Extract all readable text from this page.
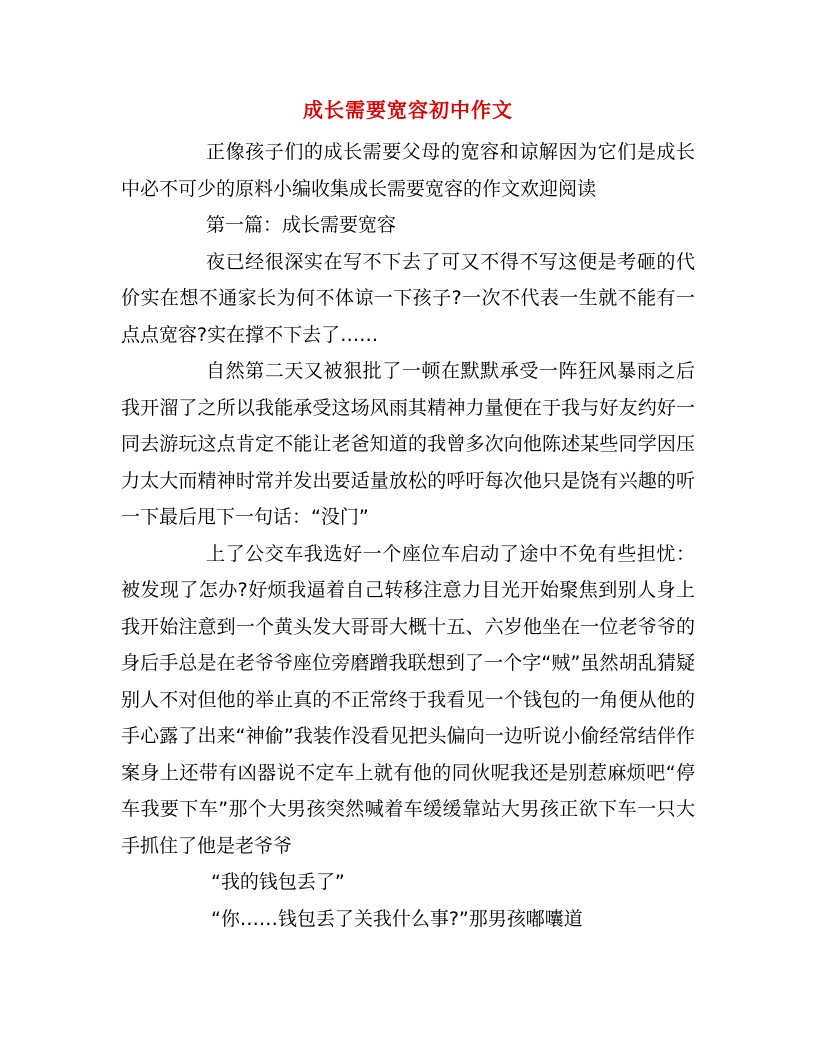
成长需要宽容初中作文

正像孩子们的成长需要父母的宽容和谅解因为它们是成长中必不可少的原料小编收集成长需要宽容的作文欢迎阅读

第一篇：成长需要宽容

夜已经很深实在写不下去了可又不得不写这便是考砸的代价实在想不通家长为何不体谅一下孩子?一次不代表一生就不能有一点点宽容?实在撑不下去了……

自然第二天又被狠批了一顿在默默承受一阵狂风暴雨之后我开溜了之所以我能承受这场风雨其精神力量便在于我与好友约好一同去游玩这点肯定不能让老爸知道的我曾多次向他陈述某些同学因压力太大而精神时常并发出要适量放松的呼吁每次他只是饶有兴趣的听一下最后甩下一句话：“没门”

上了公交车我选好一个座位车启动了途中不免有些担忧：被发现了怎办?好烦我逼着自己转移注意力目光开始聚焦到别人身上我开始注意到一个黄头发大哥哥大概十五、六岁他坐在一位老爷爷的身后手总是在老爷爷座位旁磨蹭我联想到了一个字“贼”虽然胡乱猜疑别人不对但他的举止真的不正常终于我看见一个钱包的一角便从他的手心露了出来“神偷”我装作没看见把头偏向一边听说小偷经常结伴作案身上还带有凶器说不定车上就有他的同伙呢我还是别惹麻烦吧“停车我要下车”那个大男孩突然喊着车缓缓靠站大男孩正欲下车一只大手抓住了他是老爷爷

“我的钱包丢了”

“你……钱包丢了关我什么事?”那男孩嘟囔道
